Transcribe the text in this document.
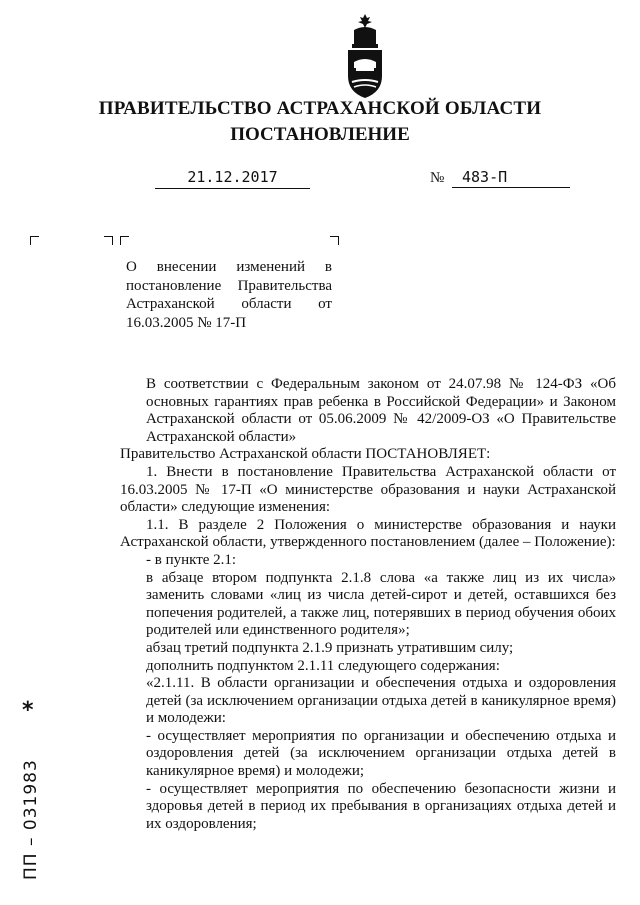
ПРАВИТЕЛЬСТВО АСТРАХАНСКОЙ ОБЛАСТИ
ПОСТАНОВЛЕНИЕ
21.12.2017	№	483-П
О внесении изменений в
постановление Правительства
Астраханской области от
16.03.2005 № 17-П

В соответствии с Федеральным законом от 24.07.98 № 124-ФЗ «Об основных гарантиях прав ребенка в Российской Федерации» и Законом Астраханской области от 05.06.2009 № 42/2009-ОЗ «О Правительстве Астраханской области»

Правительство Астраханской области ПОСТАНОВЛЯЕТ:

1. Внести в постановление Правительства Астраханской области от 16.03.2005 № 17-П «О министерстве образования и науки Астраханской области» следующие изменения:

1.1. В разделе 2 Положения о министерстве образования и науки Астраханской области, утвержденного постановлением (далее – Положение):

- в пункте 2.1:

в абзаце втором подпункта 2.1.8 слова «а также лиц из их числа» заменить словами «лиц из числа детей-сирот и детей, оставшихся без попечения родителей, а также лиц, потерявших в период обучения обоих родителей или единственного родителя»;

абзац третий подпункта 2.1.9 признать утратившим силу;

дополнить подпунктом 2.1.11 следующего содержания:

«2.1.11. В области организации и обеспечения отдыха и оздоровления детей (за исключением организации отдыха детей в каникулярное время) и молодежи:

- осуществляет мероприятия по организации и обеспечению отдыха и оздоровления детей (за исключением организации отдыха детей в каникулярное время) и молодежи;

- осуществляет мероприятия по обеспечению безопасности жизни и здоровья детей в период их пребывания в организациях отдыха детей и их оздоровления;

*
ПП – 031983
